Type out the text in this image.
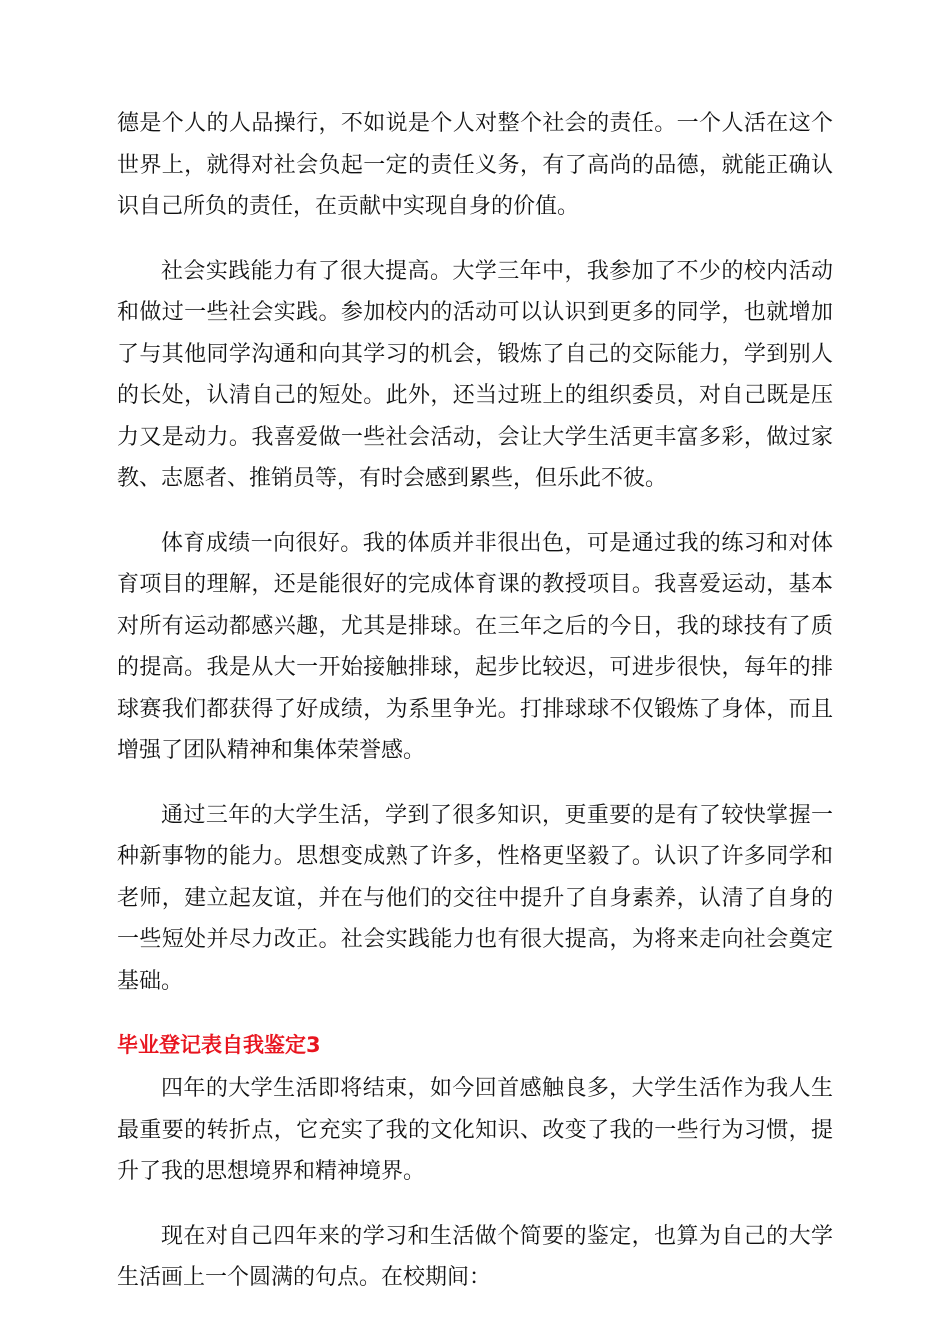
德是个人的人品操行，不如说是个人对整个社会的责任。一个人活在这个世界上，就得对社会负起一定的责任义务，有了高尚的品德，就能正确认识自己所负的责任，在贡献中实现自身的价值。

社会实践能力有了很大提高。大学三年中，我参加了不少的校内活动和做过一些社会实践。参加校内的活动可以认识到更多的同学，也就增加了与其他同学沟通和向其学习的机会，锻炼了自己的交际能力，学到别人的长处，认清自己的短处。此外，还当过班上的组织委员，对自己既是压力又是动力。我喜爱做一些社会活动，会让大学生活更丰富多彩，做过家教、志愿者、推销员等，有时会感到累些，但乐此不彼。

体育成绩一向很好。我的体质并非很出色，可是通过我的练习和对体育项目的理解，还是能很好的完成体育课的教授项目。我喜爱运动，基本对所有运动都感兴趣，尤其是排球。在三年之后的今日，我的球技有了质的提高。我是从大一开始接触排球，起步比较迟，可进步很快，每年的排球赛我们都获得了好成绩，为系里争光。打排球球不仅锻炼了身体，而且增强了团队精神和集体荣誉感。

通过三年的大学生活，学到了很多知识，更重要的是有了较快掌握一种新事物的能力。思想变成熟了许多，性格更坚毅了。认识了许多同学和老师，建立起友谊，并在与他们的交往中提升了自身素养，认清了自身的一些短处并尽力改正。社会实践能力也有很大提高，为将来走向社会奠定基础。

毕业登记表自我鉴定3

四年的大学生活即将结束，如今回首感触良多，大学生活作为我人生最重要的转折点，它充实了我的文化知识、改变了我的一些行为习惯，提升了我的思想境界和精神境界。

现在对自己四年来的学习和生活做个简要的鉴定，也算为自己的大学生活画上一个圆满的句点。在校期间：
